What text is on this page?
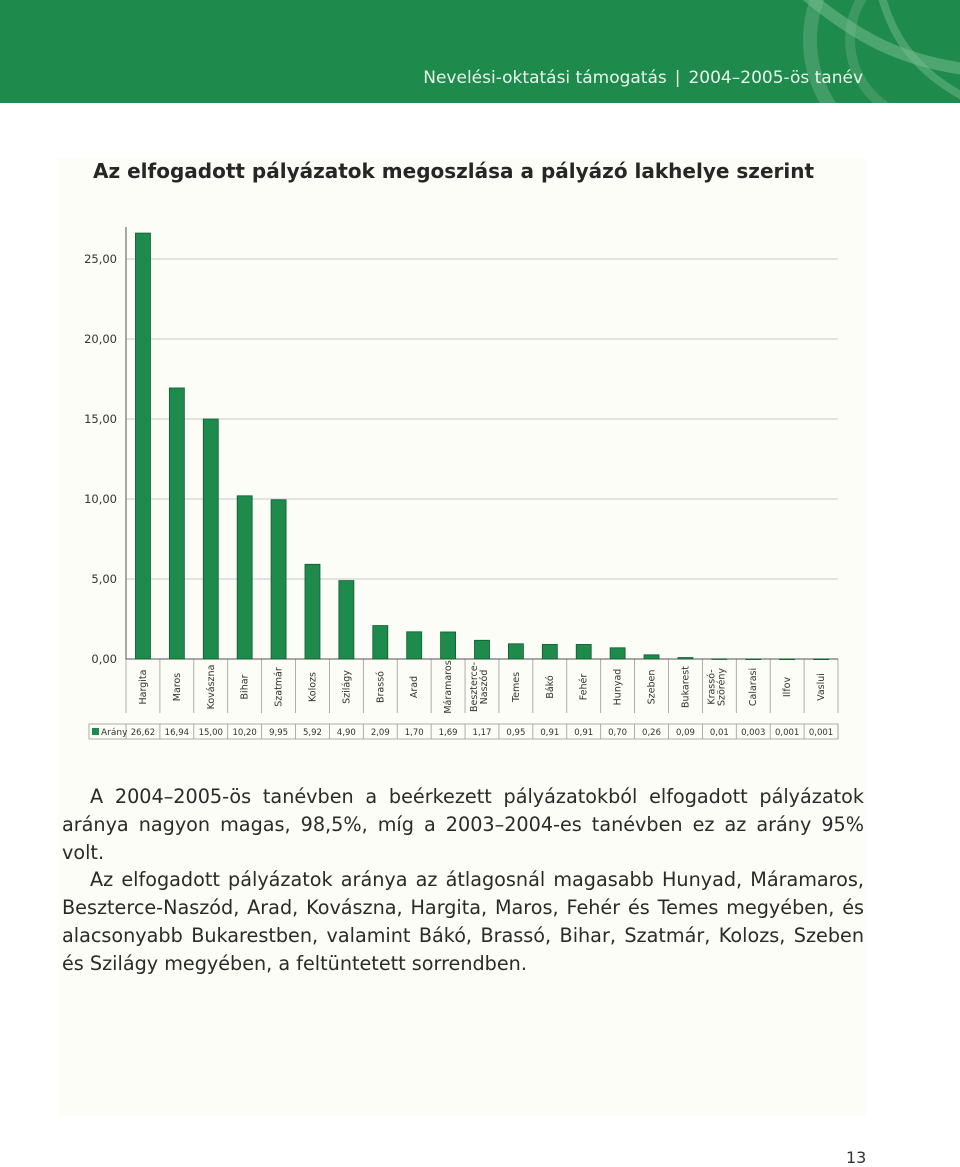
Nevelési-oktatási támogatás | 2004–2005-ös tanév
Az elfogadott pályázatok megoszlása a pályázó lakhelye szerint
0,00
5,00
10,00
15,00
20,00
25,00
Hargita Maros Kovászna Bihar Szatmár Kolozs Szilágy Brassó Arad Máramaros Beszterce-Naszód Temes Bákó Fehér Hunyad Szeben Bukarest Krassó-Szörény Calarasi Ilfov Vaslui
Arány 26,62 16,94 15,00 10,20 9,95 5,92 4,90 2,09 1,70 1,69 1,17 0,95 0,91 0,91 0,70 0,26 0,09 0,01 0,003 0,001 0,001

A 2004–2005-ös tanévben a beérkezett pályázatokból elfogadott pályázatok aránya nagyon magas, 98,5%, míg a 2003–2004-es tanévben ez az arány 95% volt.

Az elfogadott pályázatok aránya az átlagosnál magasabb Hunyad, Máramaros, Beszterce-Naszód, Arad, Kovászna, Hargita, Maros, Fehér és Temes megyében, és alacsonyabb Bukarestben, valamint Bákó, Brassó, Bihar, Szatmár, Kolozs, Szeben és Szilágy megyében, a feltüntetett sorrendben.

13
